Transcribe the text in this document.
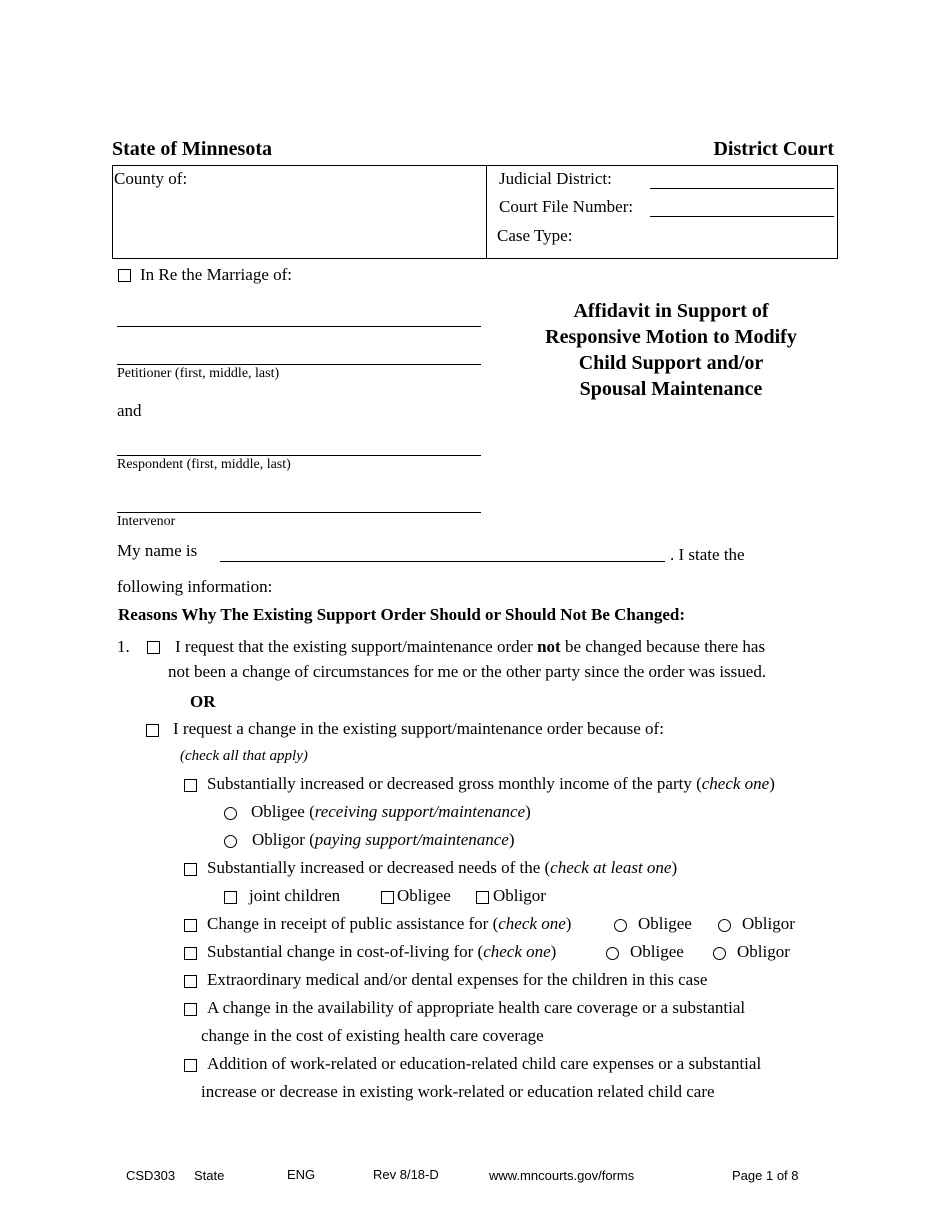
State of Minnesota	District Court
County of:	Judicial District:
Court File Number:
Case Type:
In Re the Marriage of:
Petitioner (first, middle, last)
and
Respondent (first, middle, last)
Intervenor
Affidavit in Support of
Responsive Motion to Modify
Child Support and/or
Spousal Maintenance
My name is	. I state the
following information:
Reasons Why The Existing Support Order Should or Should Not Be Changed:
1.	I request that the existing support/maintenance order not be changed because there has
not been a change of circumstances for me or the other party since the order was issued.
OR
I request a change in the existing support/maintenance order because of:
(check all that apply)
Substantially increased or decreased gross monthly income of the party (check one)
Obligee (receiving support/maintenance)
Obligor (paying support/maintenance)
Substantially increased or decreased needs of the (check at least one)
joint children	Obligee Obligor
Change in receipt of public assistance for (check one)	Obligee	Obligor
Substantial change in cost-of-living for (check one)	Obligee	Obligor
Extraordinary medical and/or dental expenses for the children in this case
A change in the availability of appropriate health care coverage or a substantial
change in the cost of existing health care coverage
Addition of work-related or education-related child care expenses or a substantial
increase or decrease in existing work-related or education related child care
CSD303 State	ENG	Rev 8/18-D	www.mncourts.gov/forms	Page 1 of 8
